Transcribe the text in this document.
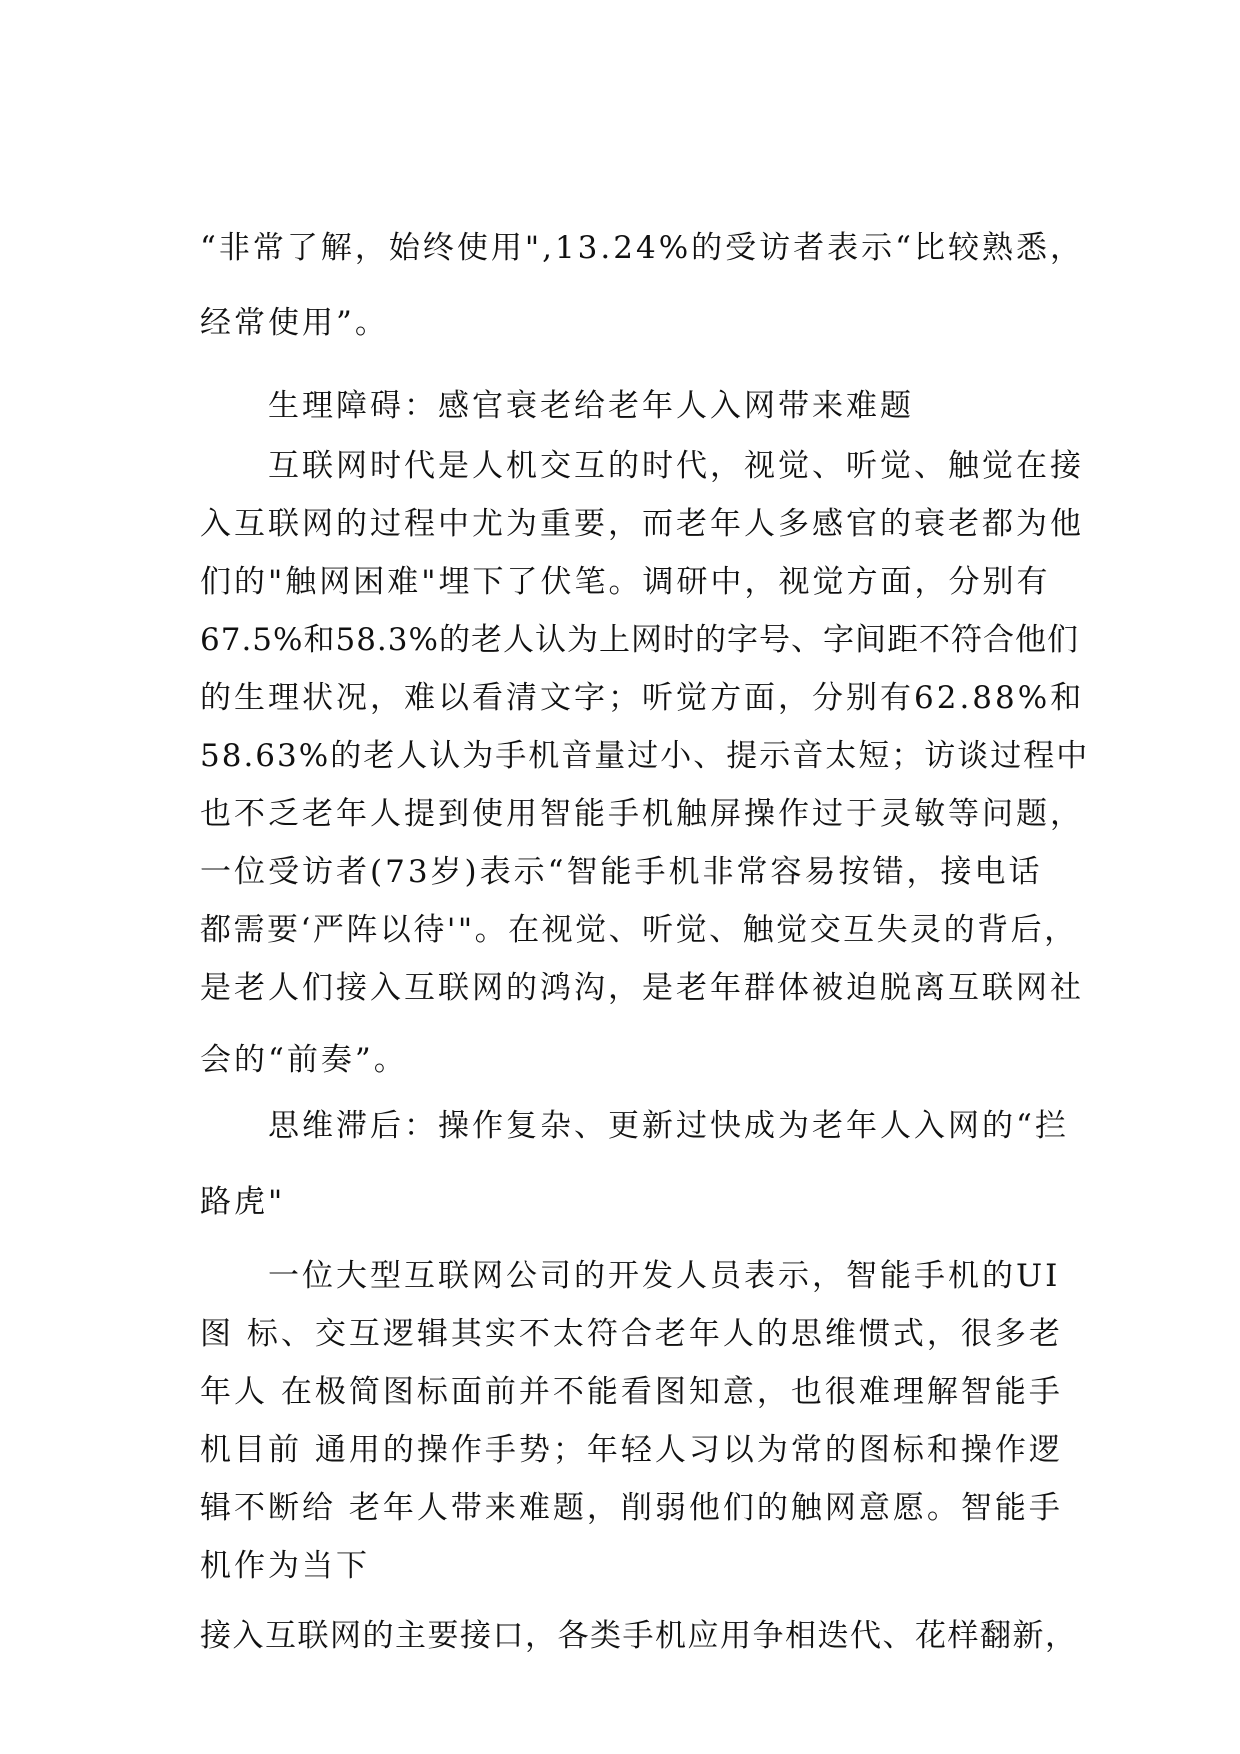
“非常了解，始终使用",13.24%的受访者表示“比较熟悉，
经常使用”。
生理障碍：感官衰老给老年人入网带来难题
互联网时代是人机交互的时代，视觉、听觉、触觉在接
入互联网的过程中尤为重要，而老年人多感官的衰老都为他
们的"触网困难"埋下了伏笔。调研中，视觉方面，分别有
67.5%和58.3%的老人认为上网时的字号、字间距不符合他们
的生理状况，难以看清文字；听觉方面，分别有62.88%和
58.63%的老人认为手机音量过小、提示音太短；访谈过程中
也不乏老年人提到使用智能手机触屏操作过于灵敏等问题，
一位受访者(73岁)表示“智能手机非常容易按错，接电话
都需要‘严阵以待'"。在视觉、听觉、触觉交互失灵的背后，
是老人们接入互联网的鸿沟，是老年群体被迫脱离互联网社
会的“前奏”。
思维滞后：操作复杂、更新过快成为老年人入网的“拦
路虎"
一位大型互联网公司的开发人员表示，智能手机的UI
图 标、交互逻辑其实不太符合老年人的思维惯式，很多老
年人 在极简图标面前并不能看图知意，也很难理解智能手
机目前 通用的操作手势；年轻人习以为常的图标和操作逻
辑不断给 老年人带来难题，削弱他们的触网意愿。智能手
机作为当下
接入互联网的主要接口，各类手机应用争相迭代、花样翻新，
